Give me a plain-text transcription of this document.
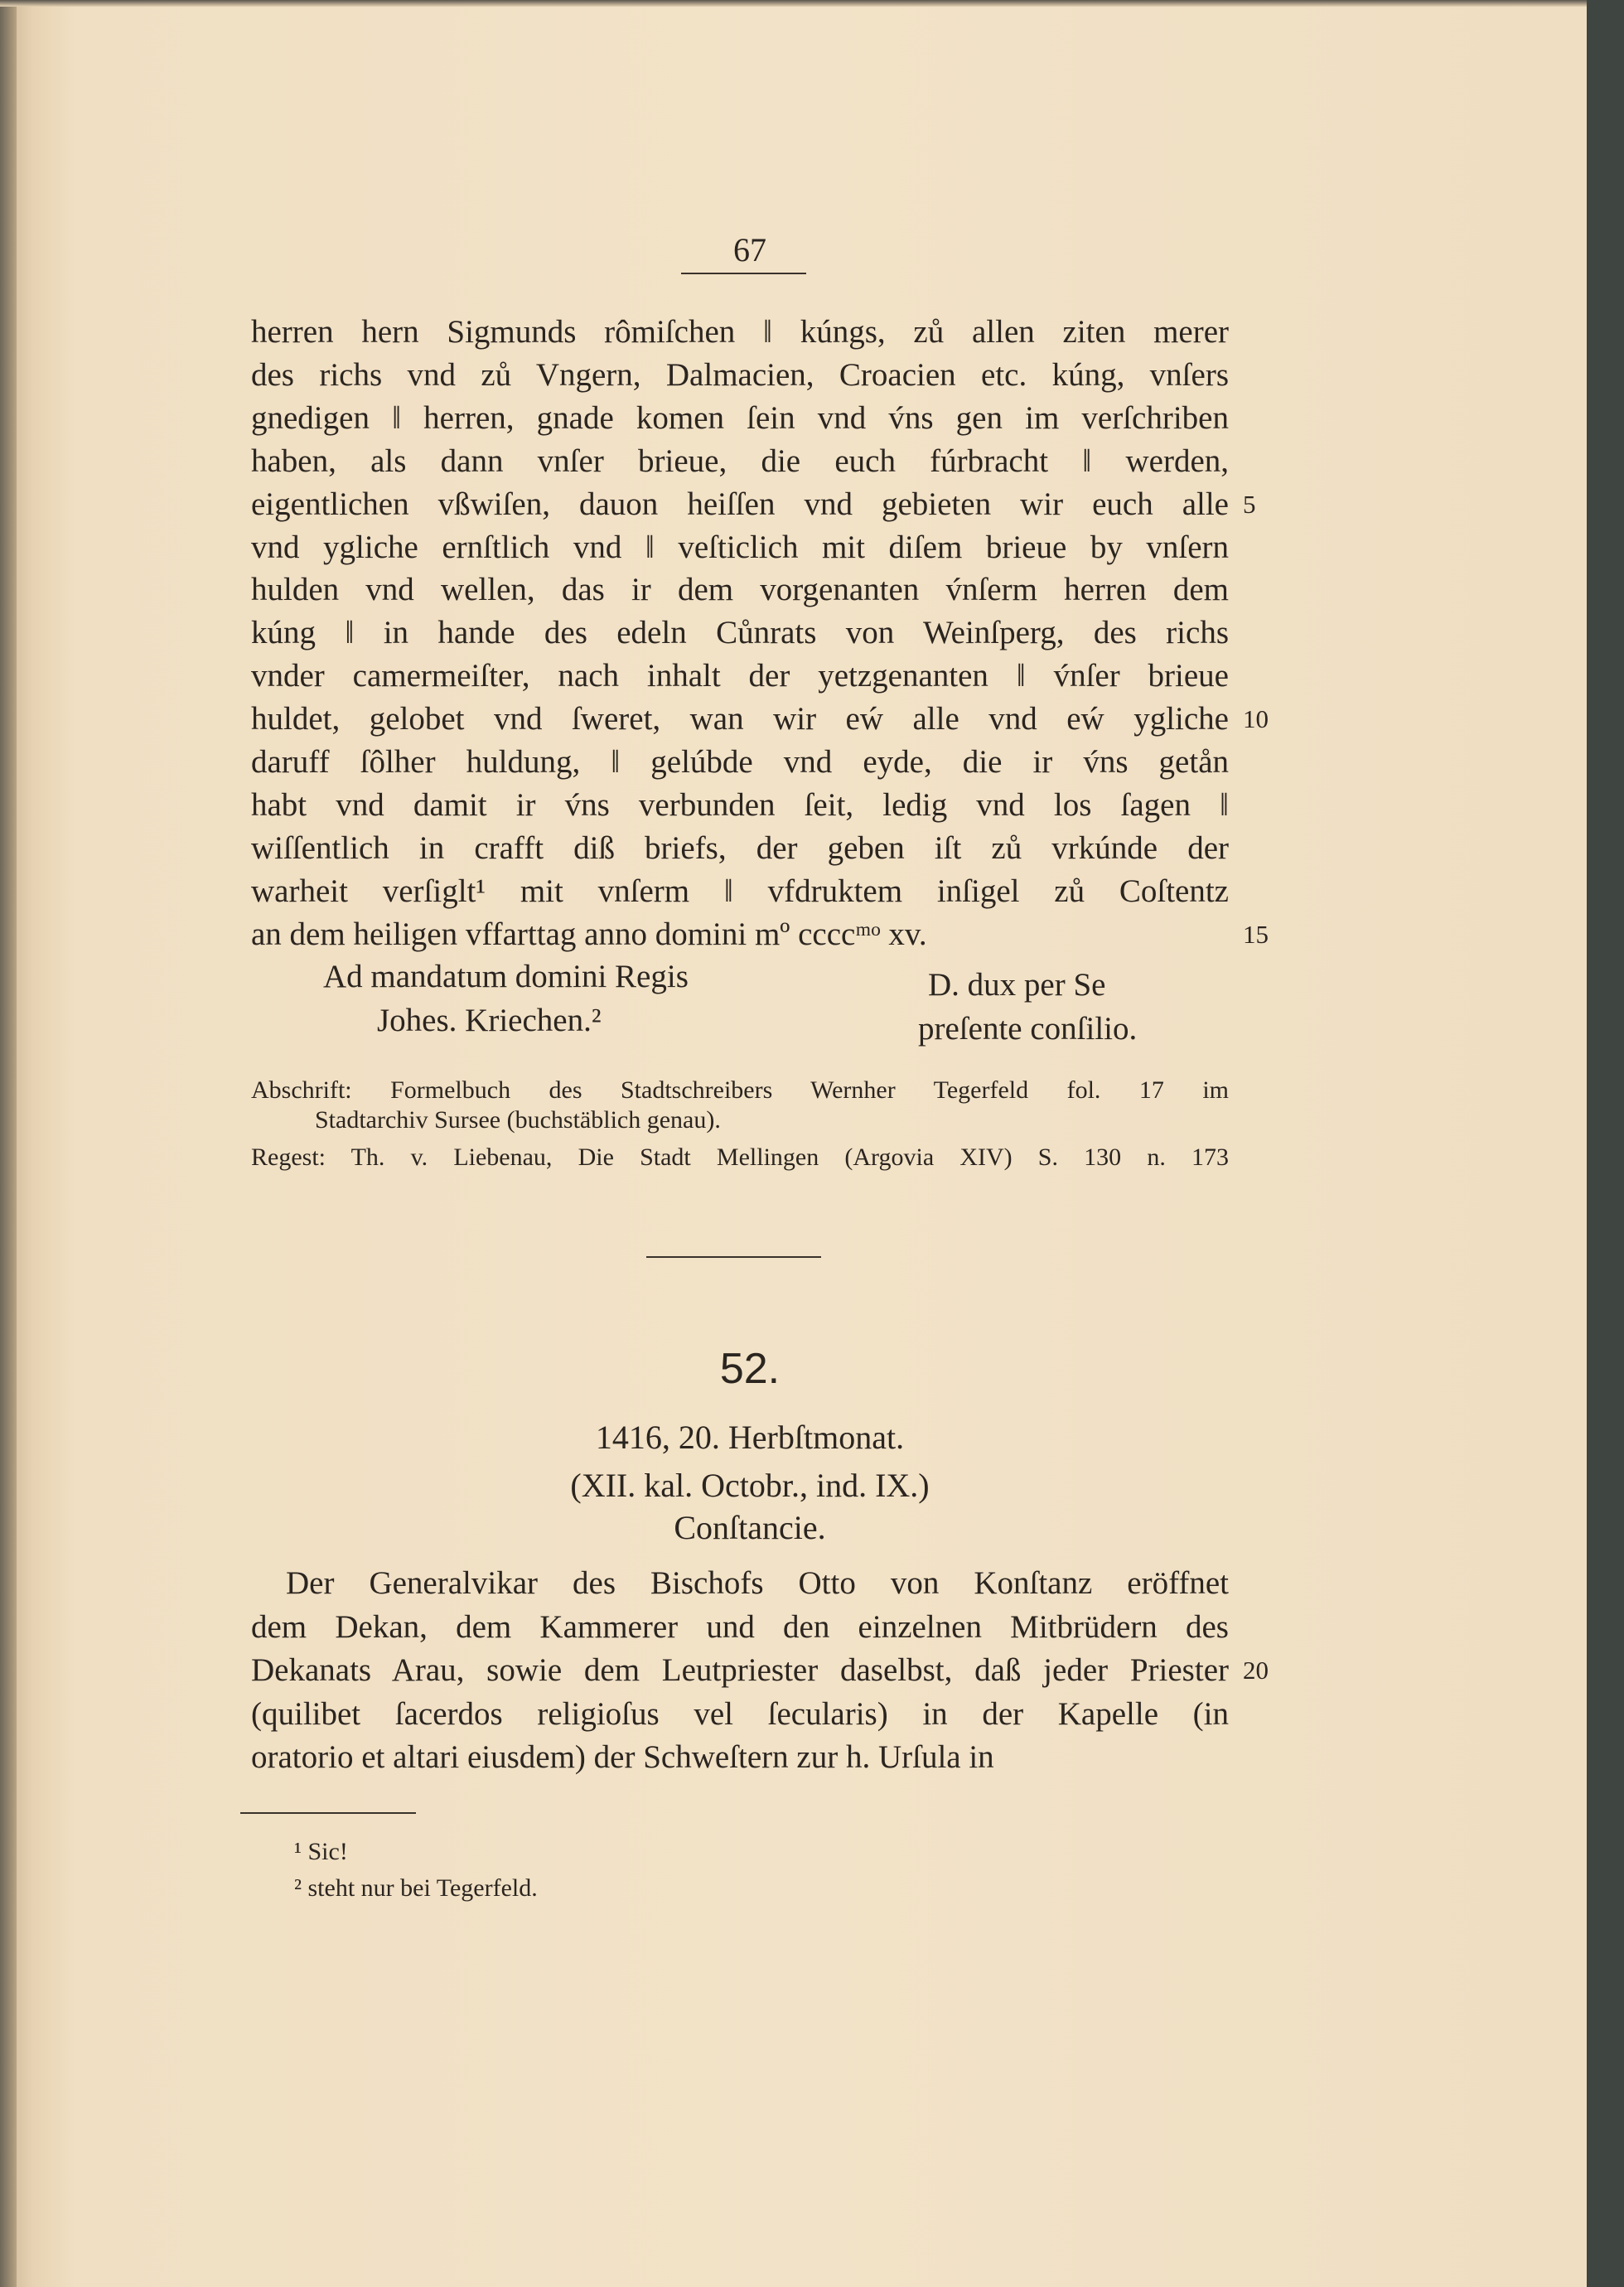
67
herren hern Sigmunds rômiſchen ‖ kúngs, zů allen ziten merer
des richs vnd zů Vngern, Dalmacien, Croacien etc. kúng, vnſers
gnedigen ‖ herren, gnade komen ſein vnd v́ns gen im verſchriben
haben, als dann vnſer brieue, die euch fúrbracht ‖ werden,
eigentlichen vßwiſen, dauon heiſſen vnd gebieten wir euch alle 5
vnd ygliche ernſtlich vnd ‖ veſticlich mit diſem brieue by vnſern
hulden vnd wellen, das ir dem vorgenanten v́nſerm herren dem
kúng ‖ in hande des edeln Cůnrats von Weinſperg, des richs
vnder camermeiſter, nach inhalt der yetzgenanten ‖ v́nſer brieue
huldet, gelobet vnd ſweret, wan wir eẃ alle vnd eẃ ygliche 10
daruff ſôlher huldung, ‖ gelúbde vnd eyde, die ir v́ns getån
habt vnd damit ir v́ns verbunden ſeit, ledig vnd los ſagen ‖
wiſſentlich in crafft diß briefs, der geben iſt zů vrkúnde der
warheit verſiglt¹ mit vnſerm ‖ vfdruktem inſigel zů Coſtentz
an dem heiligen vffarttag anno domini mº ccccᵐᵒ xv.	15
Ad mandatum domini Regis
Johes. Kriechen.²
D. dux per Se
preſente conſilio.
Abschrift: Formelbuch des Stadtschreibers Wernher Tegerfeld fol. 17 im
Stadtarchiv Sursee (buchstäblich genau).
Regest: Th. v. Liebenau, Die Stadt Mellingen (Argovia XIV) S. 130 n. 173
52.
1416, 20. Herbſtmonat.
(XII. kal. Octobr., ind. IX.)
Conſtancie.
Der Generalvikar des Bischofs Otto von Konſtanz eröffnet
dem Dekan, dem Kammerer und den einzelnen Mitbrüdern des
Dekanats Arau, sowie dem Leutpriester daselbst, daß jeder Priester 20
(quilibet ſacerdos religioſus vel ſecularis) in der Kapelle (in
oratorio et altari eiusdem) der Schweſtern zur h. Urſula in
¹ Sic!
² steht nur bei Tegerfeld.
